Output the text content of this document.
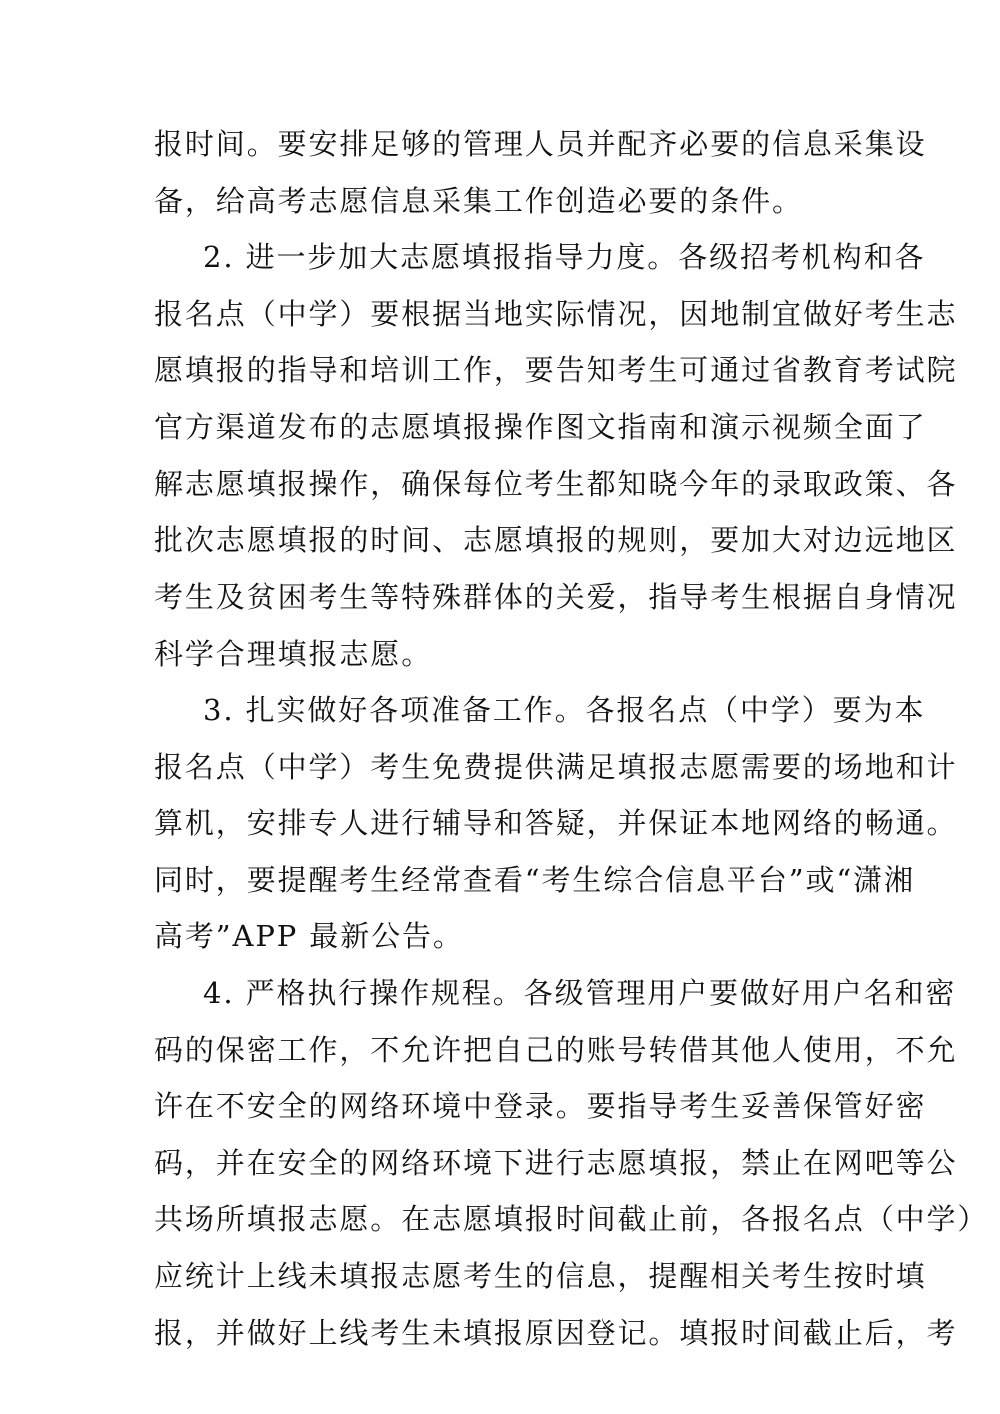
报时间。要安排足够的管理人员并配齐必要的信息采集设
备，给高考志愿信息采集工作创造必要的条件。
2. 进一步加大志愿填报指导力度。各级招考机构和各
报名点（中学）要根据当地实际情况，因地制宜做好考生志
愿填报的指导和培训工作，要告知考生可通过省教育考试院
官方渠道发布的志愿填报操作图文指南和演示视频全面了
解志愿填报操作，确保每位考生都知晓今年的录取政策、各
批次志愿填报的时间、志愿填报的规则，要加大对边远地区
考生及贫困考生等特殊群体的关爱，指导考生根据自身情况
科学合理填报志愿。
3. 扎实做好各项准备工作。各报名点（中学）要为本
报名点（中学）考生免费提供满足填报志愿需要的场地和计
算机，安排专人进行辅导和答疑，并保证本地网络的畅通。
同时，要提醒考生经常查看“考生综合信息平台”或“潇湘
高考”APP 最新公告。
4. 严格执行操作规程。各级管理用户要做好用户名和密
码的保密工作，不允许把自己的账号转借其他人使用，不允
许在不安全的网络环境中登录。要指导考生妥善保管好密
码，并在安全的网络环境下进行志愿填报，禁止在网吧等公
共场所填报志愿。在志愿填报时间截止前，各报名点（中学）
应统计上线未填报志愿考生的信息，提醒相关考生按时填
报，并做好上线考生未填报原因登记。填报时间截止后，考
